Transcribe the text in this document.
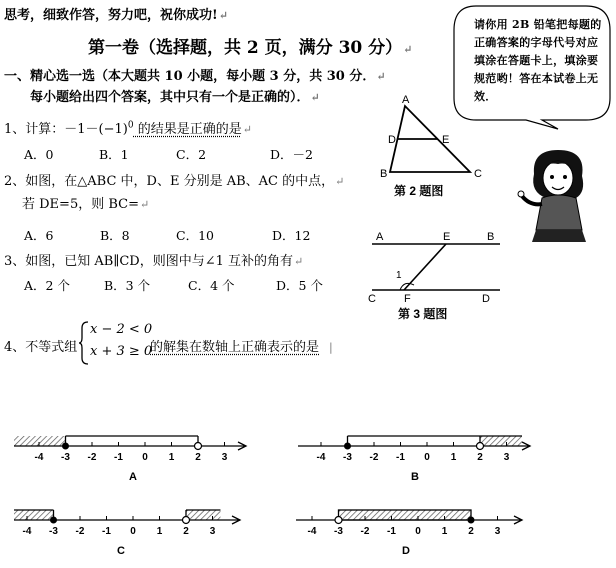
思考，细致作答，努力吧，祝你成功!↵
第一卷（选择题，共 2 页，满分 30 分）↵
一、精心选一选（本大题共 10 小题，每小题 3 分，共 30 分．↵
每小题给出四个答案，其中只有一个是正确的）．↵
请你用 2B 铅笔把每题的正确答案的字母代号对应填涂在答题卡上，填涂要规范哟！答在本试卷上无效．
1、计算：$-1-(-1)^0$ 的结果是正确的是↵
A．0	B．1	C．2	D．－2
2、如图，在△ABC 中，D、E 分别是 AB、AC 的中点，↵
若 DE=5，则 BC=↵
A．6	B．8	C．10	D．12
A
D	E
B	C
第 2 题图
3、如图，已知 AB∥CD，则图中与∠1 互补的角有↵
A．2 个	B．3 个	C．4 个	D．5 个
A	E	B
1
C	F	D
第 3 题图
4、不等式组
x − 2 < 0
x + 3 ≥ 0
的解集在数轴上正确表示的是 |
-4 -3 -2 -1 0 1 2 3
A
-4 -3 -2 -1 0 1 2 3
B
-4 -3 -2 -1 0 1 2 3
C
-4 -3 -2 -1 0 1 2 3
D
